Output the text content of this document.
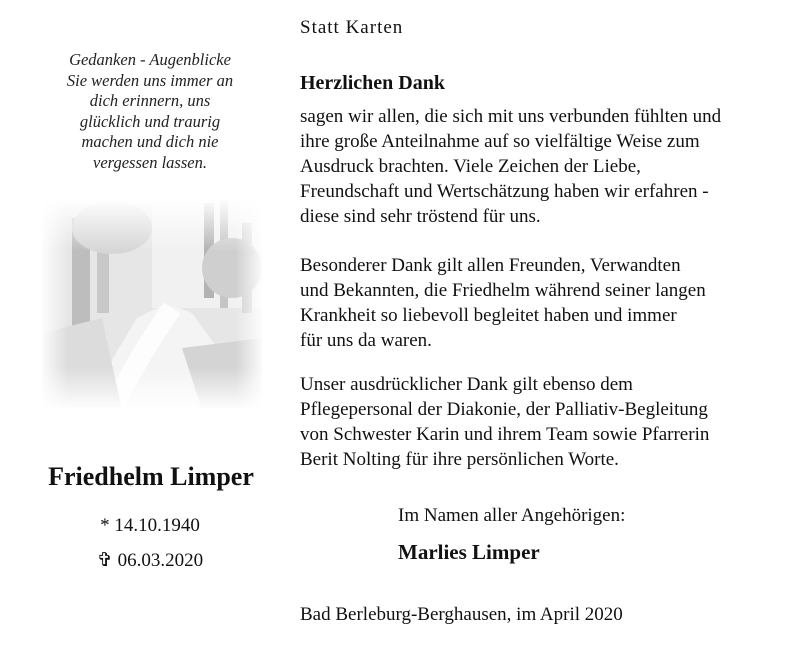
Statt Karten
Gedanken - Augenblicke
Sie werden uns immer an
dich erinnern, uns
glücklich und traurig
machen und dich nie
vergessen lassen.
Friedhelm Limper
* 14.10.1940
✞ 06.03.2020
Herzlichen Dank
sagen wir allen, die sich mit uns verbunden fühlten und
ihre große Anteilnahme auf so vielfältige Weise zum
Ausdruck brachten. Viele Zeichen der Liebe,
Freundschaft und Wertschätzung haben wir erfahren -
diese sind sehr tröstend für uns.
Besonderer Dank gilt allen Freunden, Verwandten
und Bekannten, die Friedhelm während seiner langen
Krankheit so liebevoll begleitet haben und immer
für uns da waren.
Unser ausdrücklicher Dank gilt ebenso dem
Pflegepersonal der Diakonie, der Palliativ-Begleitung
von Schwester Karin und ihrem Team sowie Pfarrerin
Berit Nolting für ihre persönlichen Worte.
Im Namen aller Angehörigen:
Marlies Limper
Bad Berleburg-Berghausen, im April 2020
